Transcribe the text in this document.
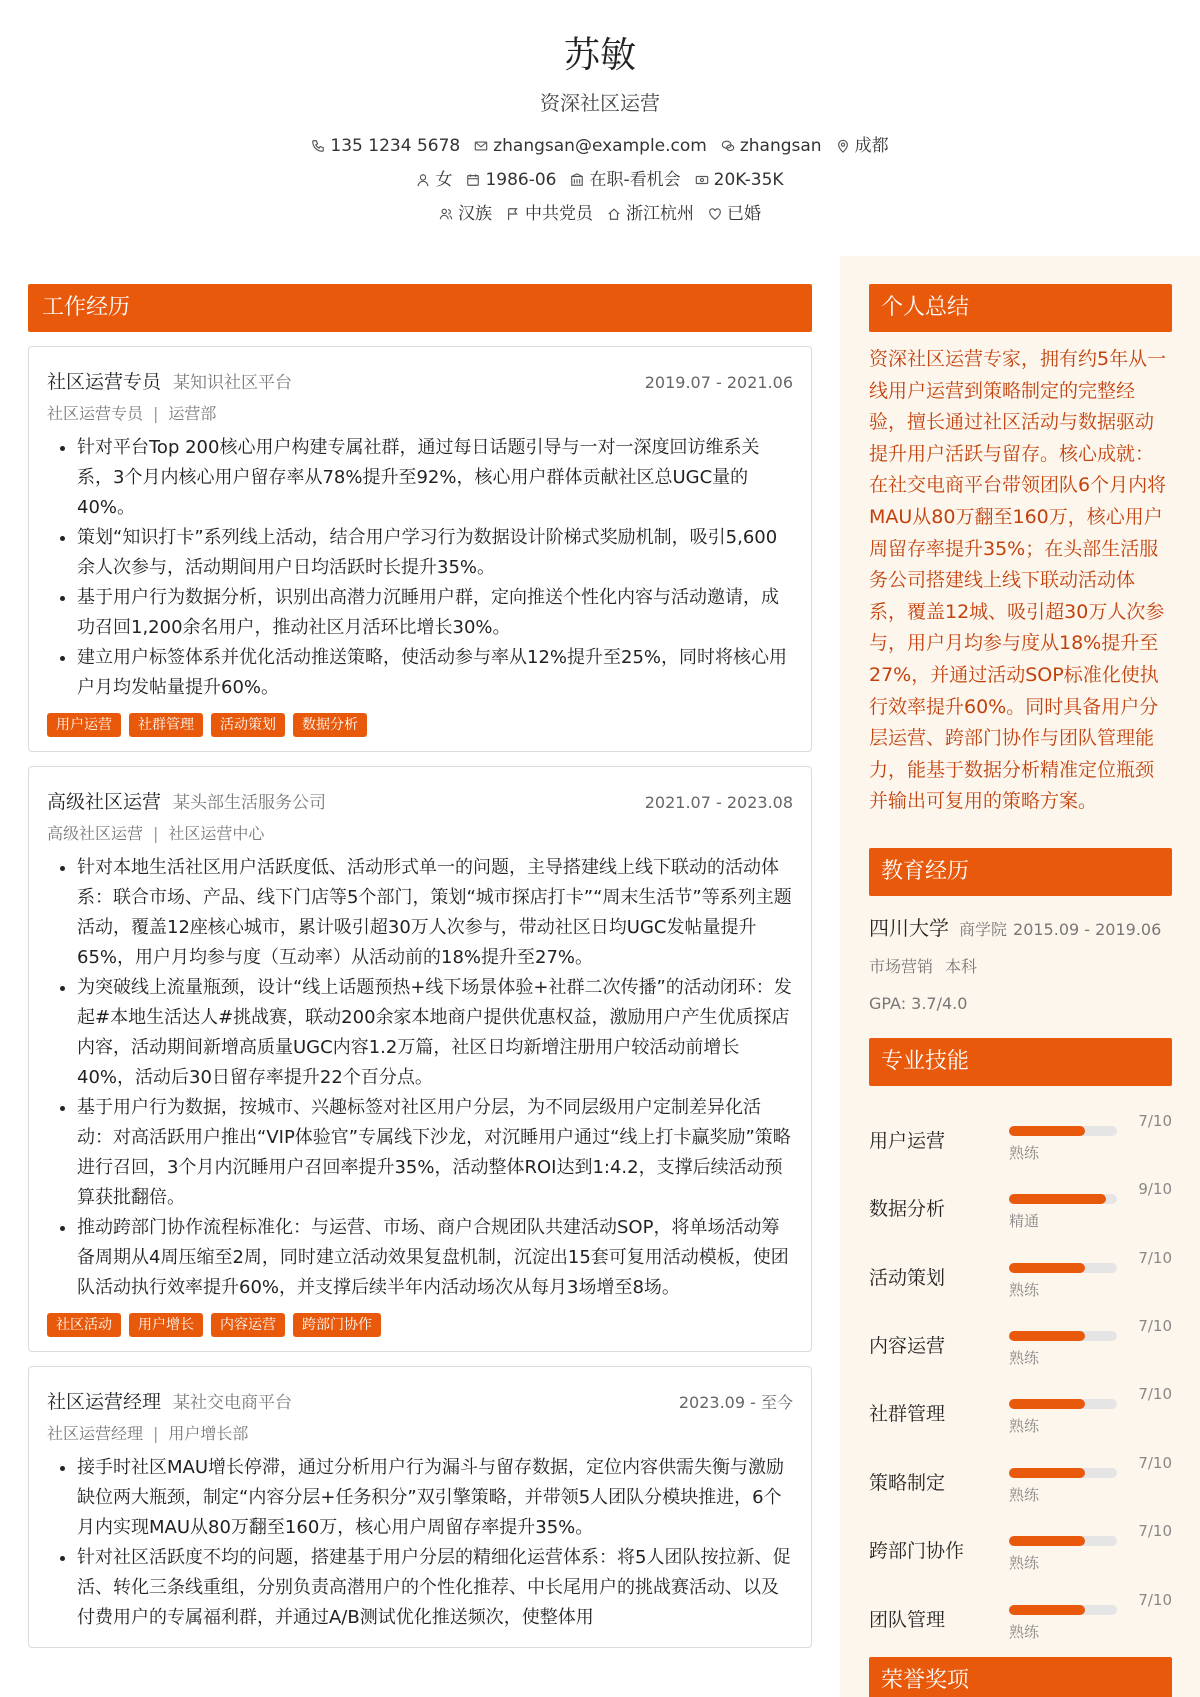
苏敏
资深社区运营
135 1234 5678 zhangsan@example.com zhangsan 成都
女 1986-06 在职-看机会 20K-35K
汉族 中共党员 浙江杭州 已婚
工作经历
社区运营专员 某知识社区平台	2019.07 - 2021.06
社区运营专员 | 运营部
• 针对平台Top 200核心用户构建专属社群，通过每日话题引导与一对一深度回访维系关系，3个月内核心用户留存率从78%提升至92%，核心用户群体贡献社区总UGC量的40%。
• 策划“知识打卡”系列线上活动，结合用户学习行为数据设计阶梯式奖励机制，吸引5,600余人次参与，活动期间用户日均活跃时长提升35%。
• 基于用户行为数据分析，识别出高潜力沉睡用户群，定向推送个性化内容与活动邀请，成功召回1,200余名用户，推动社区月活环比增长30%。
• 建立用户标签体系并优化活动推送策略，使活动参与率从12%提升至25%，同时将核心用户月均发帖量提升60%。
用户运营	社群管理	活动策划	数据分析
高级社区运营 某头部生活服务公司	2021.07 - 2023.08
高级社区运营 | 社区运营中心
• 针对本地生活社区用户活跃度低、活动形式单一的问题，主导搭建线上线下联动的活动体系：联合市场、产品、线下门店等5个部门，策划“城市探店打卡”“周末生活节”等系列主题活动，覆盖12座核心城市，累计吸引超30万人次参与，带动社区日均UGC发帖量提升65%，用户月均参与度（互动率）从活动前的18%提升至27%。
• 为突破线上流量瓶颈，设计“线上话题预热+线下场景体验+社群二次传播”的活动闭环：发起#本地生活达人#挑战赛，联动200余家本地商户提供优惠权益，激励用户产生优质探店内容，活动期间新增高质量UGC内容1.2万篇，社区日均新增注册用户较活动前增长40%，活动后30日留存率提升22个百分点。
• 基于用户行为数据，按城市、兴趣标签对社区用户分层，为不同层级用户定制差异化活动：对高活跃用户推出“VIP体验官”专属线下沙龙，对沉睡用户通过“线上打卡赢奖励”策略进行召回，3个月内沉睡用户召回率提升35%，活动整体ROI达到1:4.2，支撑后续活动预算获批翻倍。
• 推动跨部门协作流程标准化：与运营、市场、商户合规团队共建活动SOP，将单场活动筹备周期从4周压缩至2周，同时建立活动效果复盘机制，沉淀出15套可复用活动模板，使团队活动执行效率提升60%，并支撑后续半年内活动场次从每月3场增至8场。
社区活动	用户增长	内容运营	跨部门协作
社区运营经理 某社交电商平台	2023.09 - 至今
社区运营经理 | 用户增长部
• 接手时社区MAU增长停滞，通过分析用户行为漏斗与留存数据，定位内容供需失衡与激励缺位两大瓶颈，制定“内容分层+任务积分”双引擎策略，并带领5人团队分模块推进，6个月内实现MAU从80万翻至160万，核心用户周留存率提升35%。
• 针对社区活跃度不均的问题，搭建基于用户分层的精细化运营体系：将5人团队按拉新、促活、转化三条线重组，分别负责高潜用户的个性化推荐、中长尾用户的挑战赛活动、以及付费用户的专属福利群，并通过A/B测试优化推送频次，使整体用
个人总结
资深社区运营专家，拥有约5年从一线用户运营到策略制定的完整经验，擅长通过社区活动与数据驱动提升用户活跃与留存。核心成就：在社交电商平台带领团队6个月内将MAU从80万翻至160万，核心用户周留存率提升35%；在头部生活服务公司搭建线上线下联动活动体系，覆盖12城、吸引超30万人次参与，用户月均参与度从18%提升至27%，并通过活动SOP标准化使执行效率提升60%。同时具备用户分层运营、跨部门协作与团队管理能力，能基于数据分析精准定位瓶颈并输出可复用的策略方案。
教育经历
四川大学 商学院 2015.09 - 2019.06
市场营销 本科
GPA: 3.7/4.0
专业技能
用户运营
7/10
熟练
数据分析
9/10
精通
活动策划
7/10
熟练
内容运营
7/10
熟练
社群管理
7/10
熟练
策略制定
7/10
熟练
跨部门协作
7/10
熟练
团队管理
7/10
熟练
荣誉奖项
